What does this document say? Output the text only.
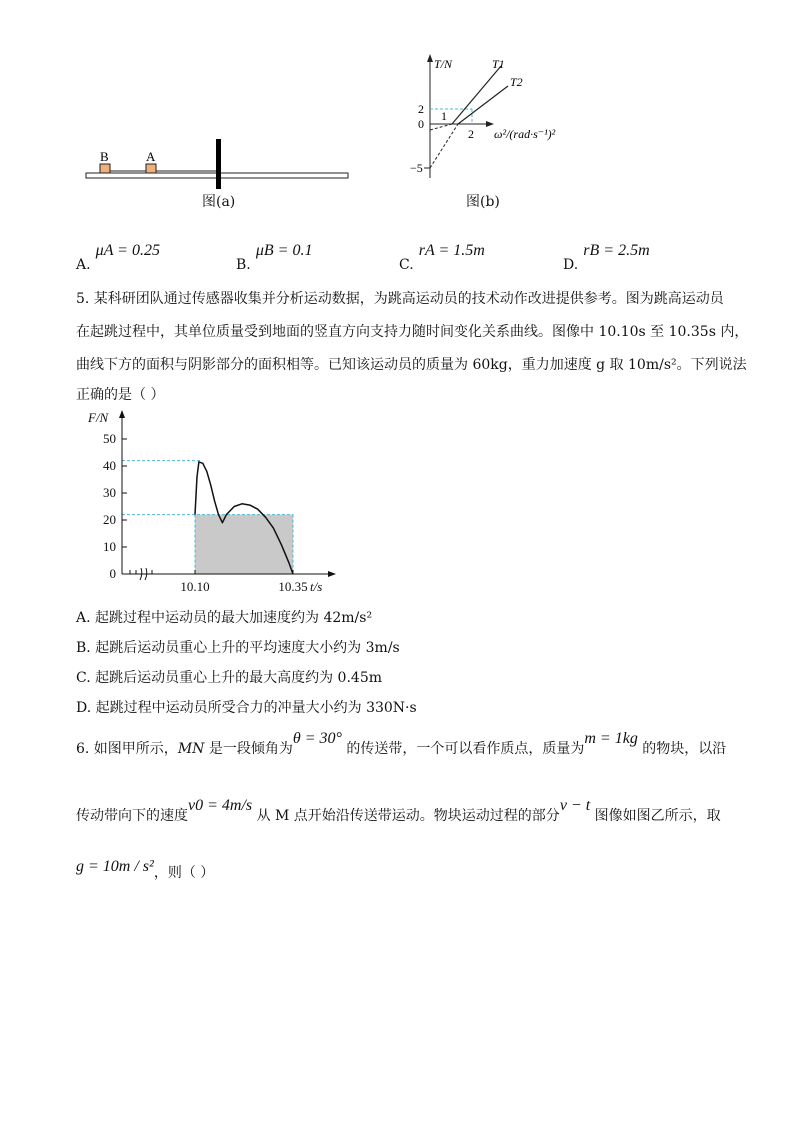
B	A
图(a)
T/N	T1
T2
2
0
−5
1
2 ω²/(rad·s⁻¹)²
图(b)
A. μA = 0.25
B. μB = 0.1
C. rA = 1.5m
D. rB = 2.5m
5. 某科研团队通过传感器收集并分析运动数据，为跳高运动员的技术动作改进提供参考。图为跳高运动员
在起跳过程中，其单位质量受到地面的竖直方向支持力随时间变化关系曲线。图像中 10.10s 至 10.35s 内，
曲线下方的面积与阴影部分的面积相等。已知该运动员的质量为 60kg，重力加速度 g 取 10m/s²。下列说法
正确的是（ ）
0
10
20
30
40
50
10.10	10.35
F/N
t/s
A. 起跳过程中运动员的最大加速度约为 42m/s²
B. 起跳后运动员重心上升的平均速度大小约为 3m/s
C. 起跳后运动员重心上升的最大高度约为 0.45m
D. 起跳过程中运动员所受合力的冲量大小约为 330N·s
6. 如图甲所示，MN 是一段倾角为θ = 30° 的传送带，一个可以看作质点，质量为m = 1kg 的物块，以沿
传动带向下的速度v0 = 4m/s 从 M 点开始沿传送带运动。物块运动过程的部分v − t 图像如图乙所示，取
g = 10m / s²，则（ ）
